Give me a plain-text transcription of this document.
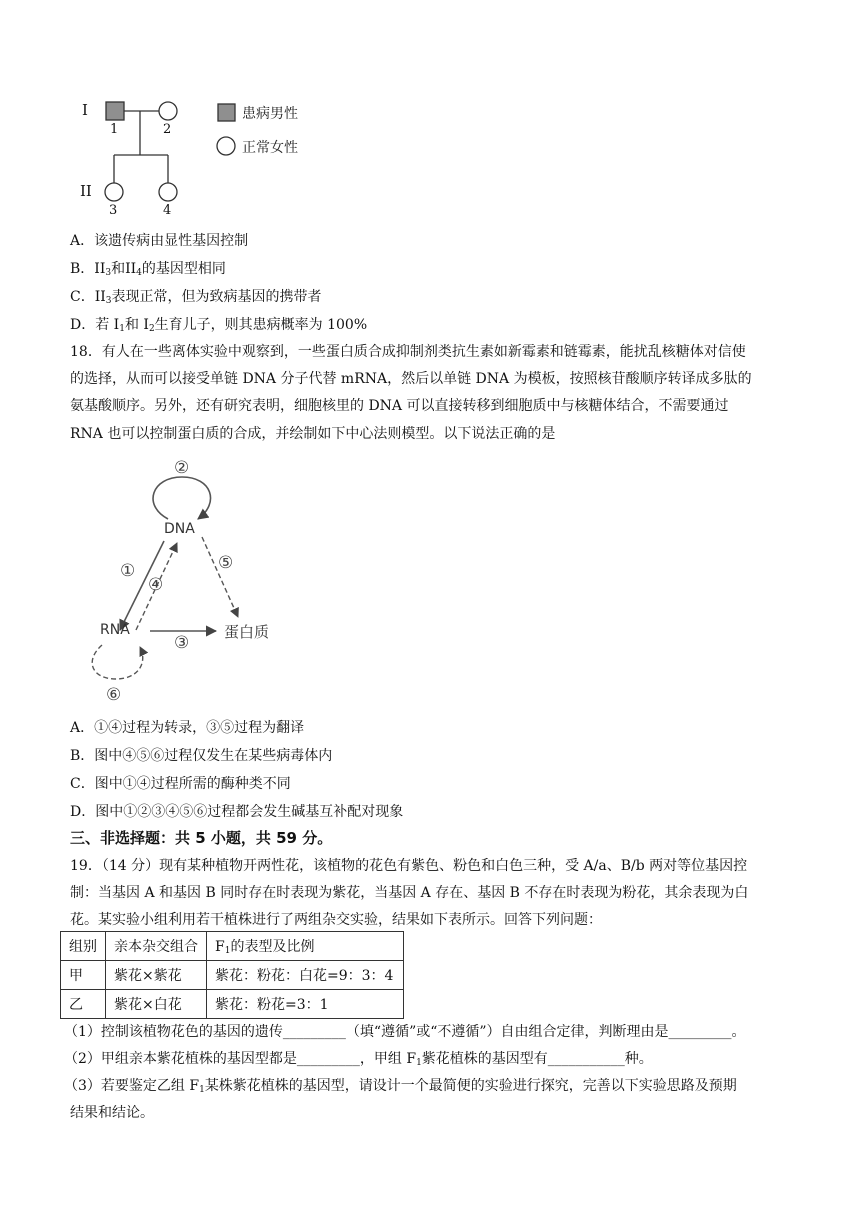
I
II
1	2
3	4
患病男性
正常女性
A．该遗传病由显性基因控制
B．$II_3$和$II_4$的基因型相同
C．$II_3$表现正常，但为致病基因的携带者
D．若 $I_1$和 $I_2$生育儿子，则其患病概率为 100%
18．有人在一些离体实验中观察到，一些蛋白质合成抑制剂类抗生素如新霉素和链霉素，能扰乱核糖体对信使
的选择，从而可以接受单链 DNA 分子代替 mRNA，然后以单链 DNA 为模板，按照核苷酸顺序转译成多肽的
氨基酸顺序。另外，还有研究表明，细胞核里的 DNA 可以直接转移到细胞质中与核糖体结合，不需要通过
RNA 也可以控制蛋白质的合成，并绘制如下中心法则模型。以下说法正确的是
DNA
RNA	蛋白质
②
①
④
⑤
③
⑥
A．①④过程为转录，③⑤过程为翻译
B．图中④⑤⑥过程仅发生在某些病毒体内
C．图中①④过程所需的酶种类不同
D．图中①②③④⑤⑥过程都会发生碱基互补配对现象
三、非选择题：共 5 小题，共 59 分。
19．（14 分）现有某种植物开两性花，该植物的花色有紫色、粉色和白色三种，受 A/a、B/b 两对等位基因控
制：当基因 A 和基因 B 同时存在时表现为紫花，当基因 A 存在、基因 B 不存在时表现为粉花，其余表现为白
花。某实验小组利用若干植株进行了两组杂交实验，结果如下表所示。回答下列问题：
组别	亲本杂交组合	$F_1$的表型及比例
甲	紫花×紫花	紫花：粉花：白花=9：3：4
乙	紫花×白花	紫花：粉花=3：1
（1）控制该植物花色的基因的遗传_________（填“遵循”或“不遵循”）自由组合定律，判断理由是_________。
（2）甲组亲本紫花植株的基因型都是_________，甲组 $F_1$紫花植株的基因型有___________种。
（3）若要鉴定乙组 $F_1$某株紫花植株的基因型，请设计一个最简便的实验进行探究，完善以下实验思路及预期
结果和结论。
